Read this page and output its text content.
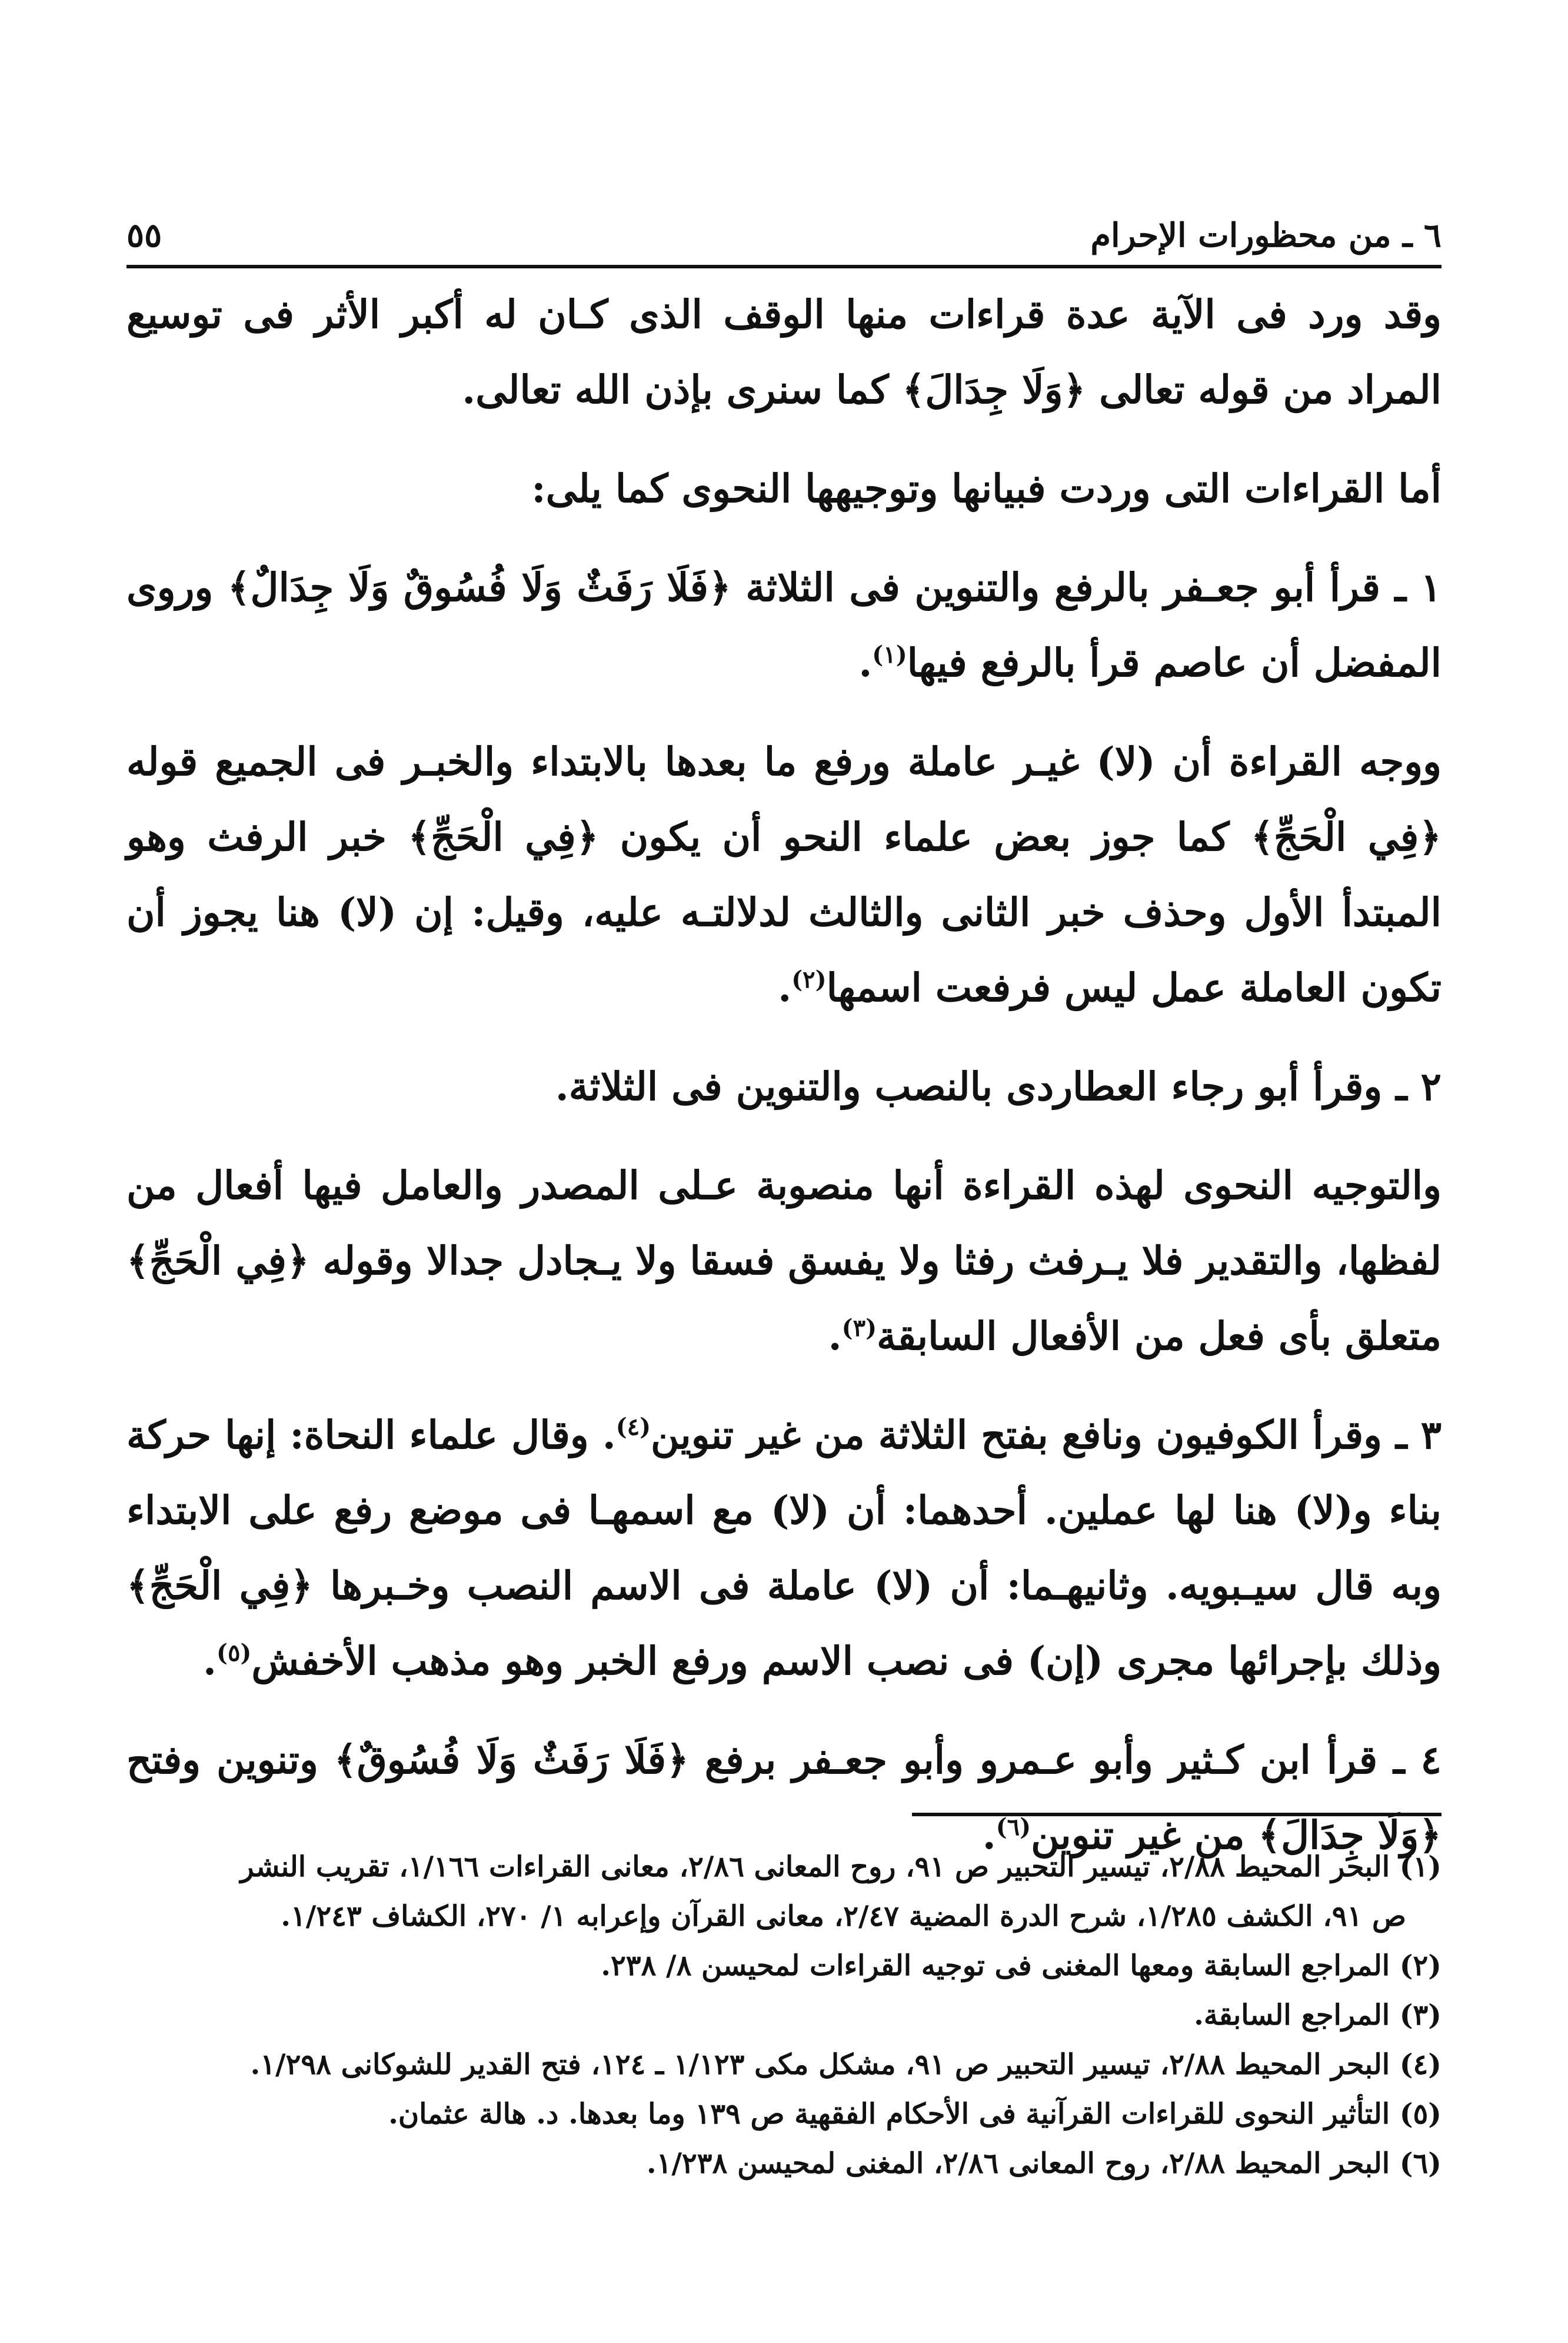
٦ ـ من محظورات الإحرام
٥٥

وقد ورد فى الآية عدة قراءات منها الوقف الذى كـان له أكبر الأثر فى توسيع المراد من قوله تعالى ﴿وَلَا جِدَالَ﴾ كما سنرى بإذن الله تعالى.

أما القراءات التى وردت فبيانها وتوجيهها النحوى كما يلى:

١ ـ قرأ أبو جعـفر بالرفع والتنوين فى الثلاثة ﴿فَلَا رَفَثٌ وَلَا فُسُوقٌ وَلَا جِدَالٌ﴾ وروى المفضل أن عاصم قرأ بالرفع فيها$^{(١)}$.

ووجه القراءة أن (لا) غيـر عاملة ورفع ما بعدها بالابتداء والخبـر فى الجميع قوله ﴿فِي الْحَجِّ﴾ كما جوز بعض علماء النحو أن يكون ﴿فِي الْحَجِّ﴾ خبر الرفث وهو المبتدأ الأول وحذف خبر الثانى والثالث لدلالتـه عليه، وقيل: إن (لا) هنا يجوز أن تكون العاملة عمل ليس فرفعت اسمها$^{(٢)}$.

٢ ـ وقرأ أبو رجاء العطاردى بالنصب والتنوين فى الثلاثة.

والتوجيه النحوى لهذه القراءة أنها منصوبة عـلى المصدر والعامل فيها أفعال من لفظها، والتقدير فلا يـرفث رفثا ولا يفسق فسقا ولا يـجادل جدالا وقوله ﴿فِي الْحَجِّ﴾ متعلق بأى فعل من الأفعال السابقة$^{(٣)}$.

٣ ـ وقرأ الكوفيون ونافع بفتح الثلاثة من غير تنوين$^{(٤)}$. وقال علماء النحاة: إنها حركة بناء و(لا) هنا لها عملين. أحدهما: أن (لا) مع اسمهـا فى موضع رفع على الابتداء وبه قال سيـبويه. وثانيهـما: أن (لا) عاملة فى الاسم النصب وخـبرها ﴿فِي الْحَجِّ﴾ وذلك بإجرائها مجرى (إن) فى نصب الاسم ورفع الخبر وهو مذهب الأخفش$^{(٥)}$.

٤ ـ قرأ ابن كـثير وأبو عـمرو وأبو جعـفر برفع ﴿فَلَا رَفَثٌ وَلَا فُسُوقٌ﴾ وتنوين وفتح ﴿وَلَا جِدَالَ﴾ من غير تنوين$^{(٦)}$.

(١) البحر المحيط ٢/٨٨، تيسير التحبير ص ٩١، روح المعانى ٢/٨٦، معانى القراءات ١/١٦٦، تقريب النشر

ص ٩١، الكشف ١/٢٨٥، شرح الدرة المضية ٢/٤٧، معانى القرآن وإعرابه ١/ ٢٧٠، الكشاف ١/٢٤٣.

(٢) المراجع السابقة ومعها المغنى فى توجيه القراءات لمحيسن ٨/ ٢٣٨.

(٣) المراجع السابقة.

(٤) البحر المحيط ٢/٨٨، تيسير التحبير ص ٩١، مشكل مكى ١/١٢٣ ـ ١٢٤، فتح القدير للشوكانى ١/٢٩٨.

(٥) التأثير النحوى للقراءات القرآنية فى الأحكام الفقهية ص ١٣٩ وما بعدها. د. هالة عثمان.

(٦) البحر المحيط ٢/٨٨، روح المعانى ٢/٨٦، المغنى لمحيسن ١/٢٣٨.
